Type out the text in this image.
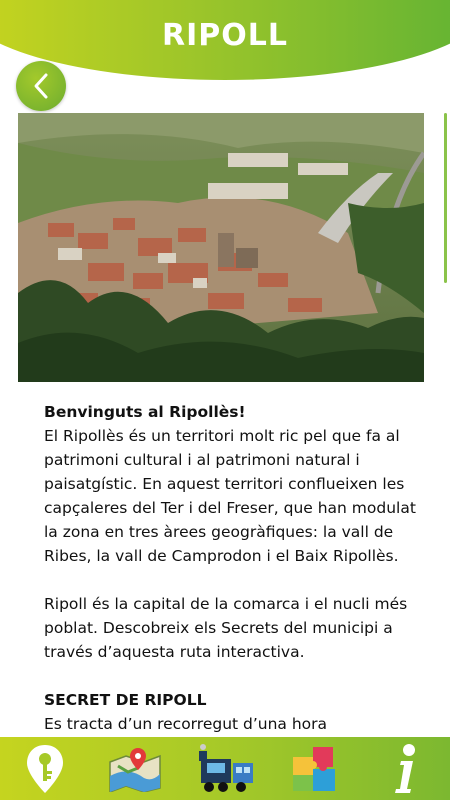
RIPOLL
Benvinguts al Ripollès!

El Ripollès és un territori molt ric pel que fa al patrimoni cultural i al patrimoni natural i paisatgístic. En aquest territori conflueixen les capçaleres del Ter i del Freser, que han modulat la zona en tres àrees geogràfiques: la vall de Ribes, la vall de Camprodon i el Baix Ripollès.

Ripoll és la capital de la comarca i el nucli més poblat. Descobreix els Secrets del municipi a través d’aquesta ruta interactiva.

SECRET DE RIPOLL

Es tracta d’un recorregut d’una hora
